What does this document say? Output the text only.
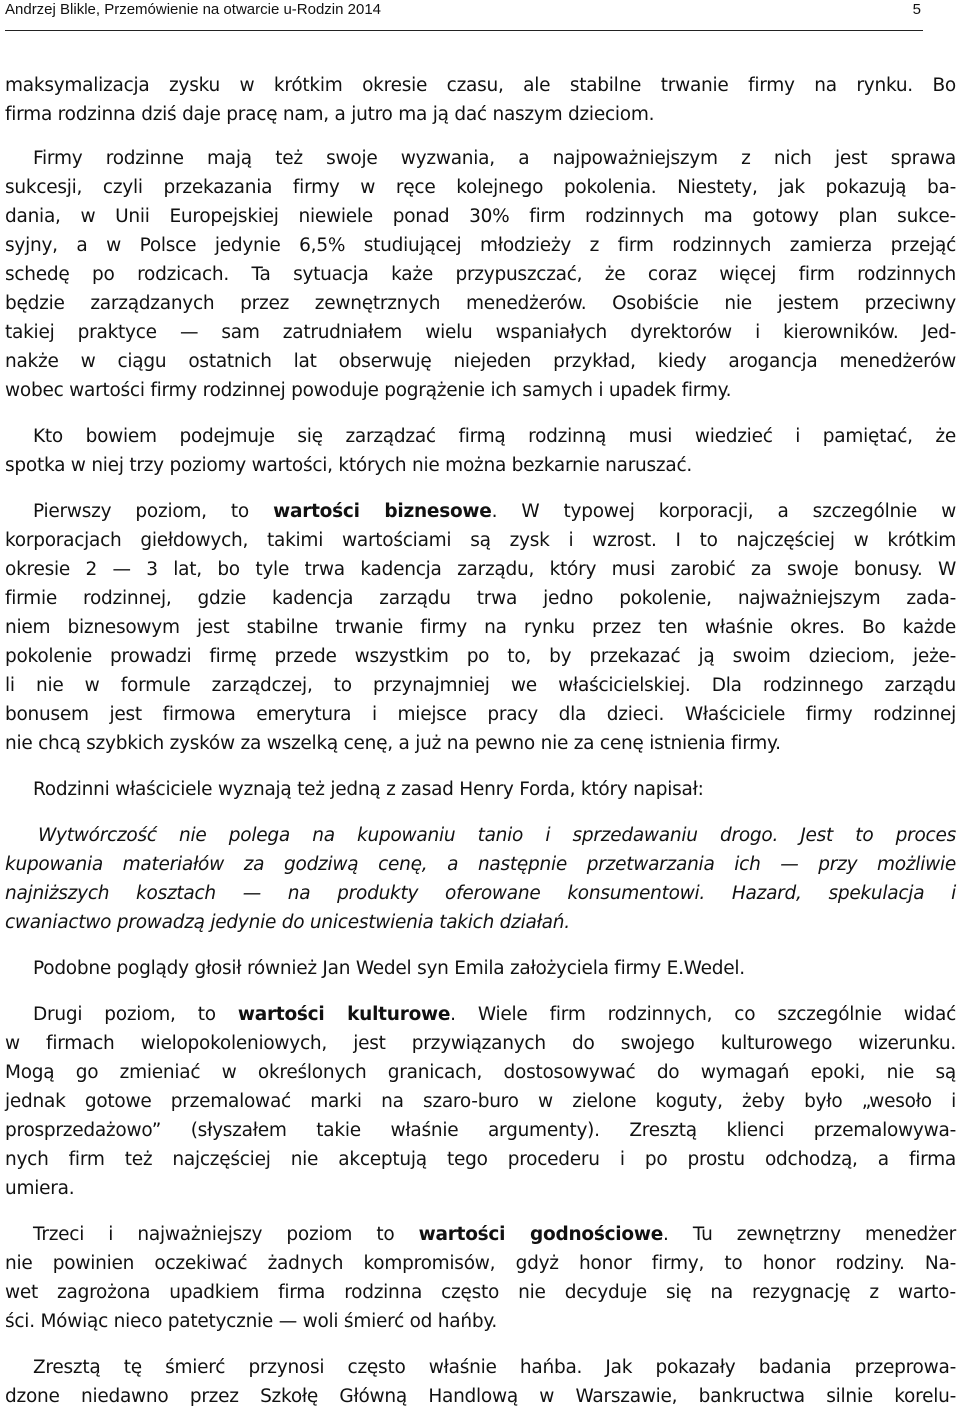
Andrzej Blikle, Przemówienie na otwarcie u-Rodzin 2014	5
maksymalizacja zysku w krótkim okresie czasu, ale stabilne trwanie firmy na rynku. Bo
firma rodzinna dziś daje pracę nam, a jutro ma ją dać naszym dzieciom.
Firmy rodzinne mają też swoje wyzwania, a najpoważniejszym z nich jest sprawa
sukcesji, czyli przekazania firmy w ręce kolejnego pokolenia. Niestety, jak pokazują ba-
dania, w Unii Europejskiej niewiele ponad 30% firm rodzinnych ma gotowy plan sukce-
syjny, a w Polsce jedynie 6,5% studiującej młodzieży z firm rodzinnych zamierza przejąć
schedę po rodzicach. Ta sytuacja każe przypuszczać, że coraz więcej firm rodzinnych
będzie zarządzanych przez zewnętrznych menedżerów. Osobiście nie jestem przeciwny
takiej praktyce — sam zatrudniałem wielu wspaniałych dyrektorów i kierowników. Jed-
nakże w ciągu ostatnich lat obserwuję niejeden przykład, kiedy arogancja menedżerów
wobec wartości firmy rodzinnej powoduje pogrążenie ich samych i upadek firmy.
Kto bowiem podejmuje się zarządzać firmą rodzinną musi wiedzieć i pamiętać, że
spotka w niej trzy poziomy wartości, których nie można bezkarnie naruszać.
Pierwszy poziom, to wartości biznesowe. W typowej korporacji, a szczególnie w
korporacjach giełdowych, takimi wartościami są zysk i wzrost. I to najczęściej w krótkim
okresie 2 — 3 lat, bo tyle trwa kadencja zarządu, który musi zarobić za swoje bonusy. W
firmie rodzinnej, gdzie kadencja zarządu trwa jedno pokolenie, najważniejszym zada-
niem biznesowym jest stabilne trwanie firmy na rynku przez ten właśnie okres. Bo każde
pokolenie prowadzi firmę przede wszystkim po to, by przekazać ją swoim dzieciom, jeże-
li nie w formule zarządczej, to przynajmniej we właścicielskiej. Dla rodzinnego zarządu
bonusem jest firmowa emerytura i miejsce pracy dla dzieci. Właściciele firmy rodzinnej
nie chcą szybkich zysków za wszelką cenę, a już na pewno nie za cenę istnienia firmy.
Rodzinni właściciele wyznają też jedną z zasad Henry Forda, który napisał:
Wytwórczość nie polega na kupowaniu tanio i sprzedawaniu drogo. Jest to proces
kupowania materiałów za godziwą cenę, a następnie przetwarzania ich — przy możliwie
najniższych kosztach — na produkty oferowane konsumentowi. Hazard, spekulacja i
cwaniactwo prowadzą jedynie do unicestwienia takich działań.
Podobne poglądy głosił również Jan Wedel syn Emila założyciela firmy E.Wedel.
Drugi poziom, to wartości kulturowe. Wiele firm rodzinnych, co szczególnie widać
w firmach wielopokoleniowych, jest przywiązanych do swojego kulturowego wizerunku.
Mogą go zmieniać w określonych granicach, dostosowywać do wymagań epoki, nie są
jednak gotowe przemalować marki na szaro-buro w zielone koguty, żeby było „wesoło i
prosprzedażowo” (słyszałem takie właśnie argumenty). Zresztą klienci przemalowywa-
nych firm też najczęściej nie akceptują tego procederu i po prostu odchodzą, a firma
umiera.
Trzeci i najważniejszy poziom to wartości godnościowe. Tu zewnętrzny menedżer
nie powinien oczekiwać żadnych kompromisów, gdyż honor firmy, to honor rodziny. Na-
wet zagrożona upadkiem firma rodzinna często nie decyduje się na rezygnację z warto-
ści. Mówiąc nieco patetycznie — woli śmierć od hańby.
Zresztą tę śmierć przynosi często właśnie hańba. Jak pokazały badania przeprowa-
dzone niedawno przez Szkołę Główną Handlową w Warszawie, bankructwa silnie korelu-
